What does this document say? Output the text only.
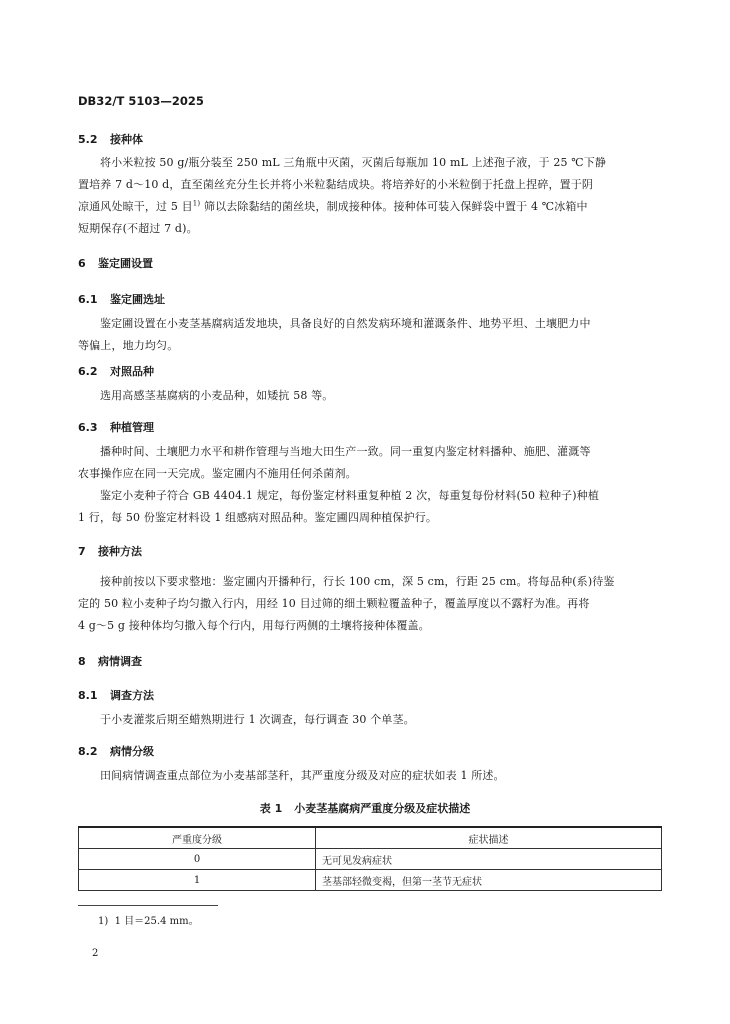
DB32/T 5103—2025
5.2 接种体
将小米粒按 50 g/瓶分装至 250 mL 三角瓶中灭菌，灭菌后每瓶加 10 mL 上述孢子液，于 25 ℃下静
置培养 7 d～10 d，直至菌丝充分生长并将小米粒黏结成块。将培养好的小米粒倒于托盘上捏碎，置于阴
凉通风处晾干，过 5 目$^{1)}$ 筛以去除黏结的菌丝块，制成接种体。接种体可装入保鲜袋中置于 4 ℃冰箱中
短期保存(不超过 7 d)。
6 鉴定圃设置
6.1 鉴定圃选址
鉴定圃设置在小麦茎基腐病适发地块，具备良好的自然发病环境和灌溉条件、地势平坦、土壤肥力中
等偏上，地力均匀。
6.2 对照品种
选用高感茎基腐病的小麦品种，如矮抗 58 等。
6.3 种植管理
播种时间、土壤肥力水平和耕作管理与当地大田生产一致。同一重复内鉴定材料播种、施肥、灌溉等
农事操作应在同一天完成。鉴定圃内不施用任何杀菌剂。
鉴定小麦种子符合 GB 4404.1 规定，每份鉴定材料重复种植 2 次，每重复每份材料(50 粒种子)种植
1 行，每 50 份鉴定材料设 1 组感病对照品种。鉴定圃四周种植保护行。
7 接种方法
接种前按以下要求整地：鉴定圃内开播种行，行长 100 cm，深 5 cm，行距 25 cm。将每品种(系)待鉴
定的 50 粒小麦种子均匀撒入行内，用经 10 目过筛的细土颗粒覆盖种子，覆盖厚度以不露籽为准。再将
4 g～5 g 接种体均匀撒入每个行内，用每行两侧的土壤将接种体覆盖。
8 病情调查
8.1 调查方法
于小麦灌浆后期至蜡熟期进行 1 次调查，每行调查 30 个单茎。
8.2 病情分级
田间病情调查重点部位为小麦基部茎秆，其严重度分级及对应的症状如表 1 所述。
表 1 小麦茎基腐病严重度分级及症状描述
严重度分级	症状描述
0	无可见发病症状
1	茎基部轻微变褐，但第一茎节无症状
1) 1 目＝25.4 mm。
2
